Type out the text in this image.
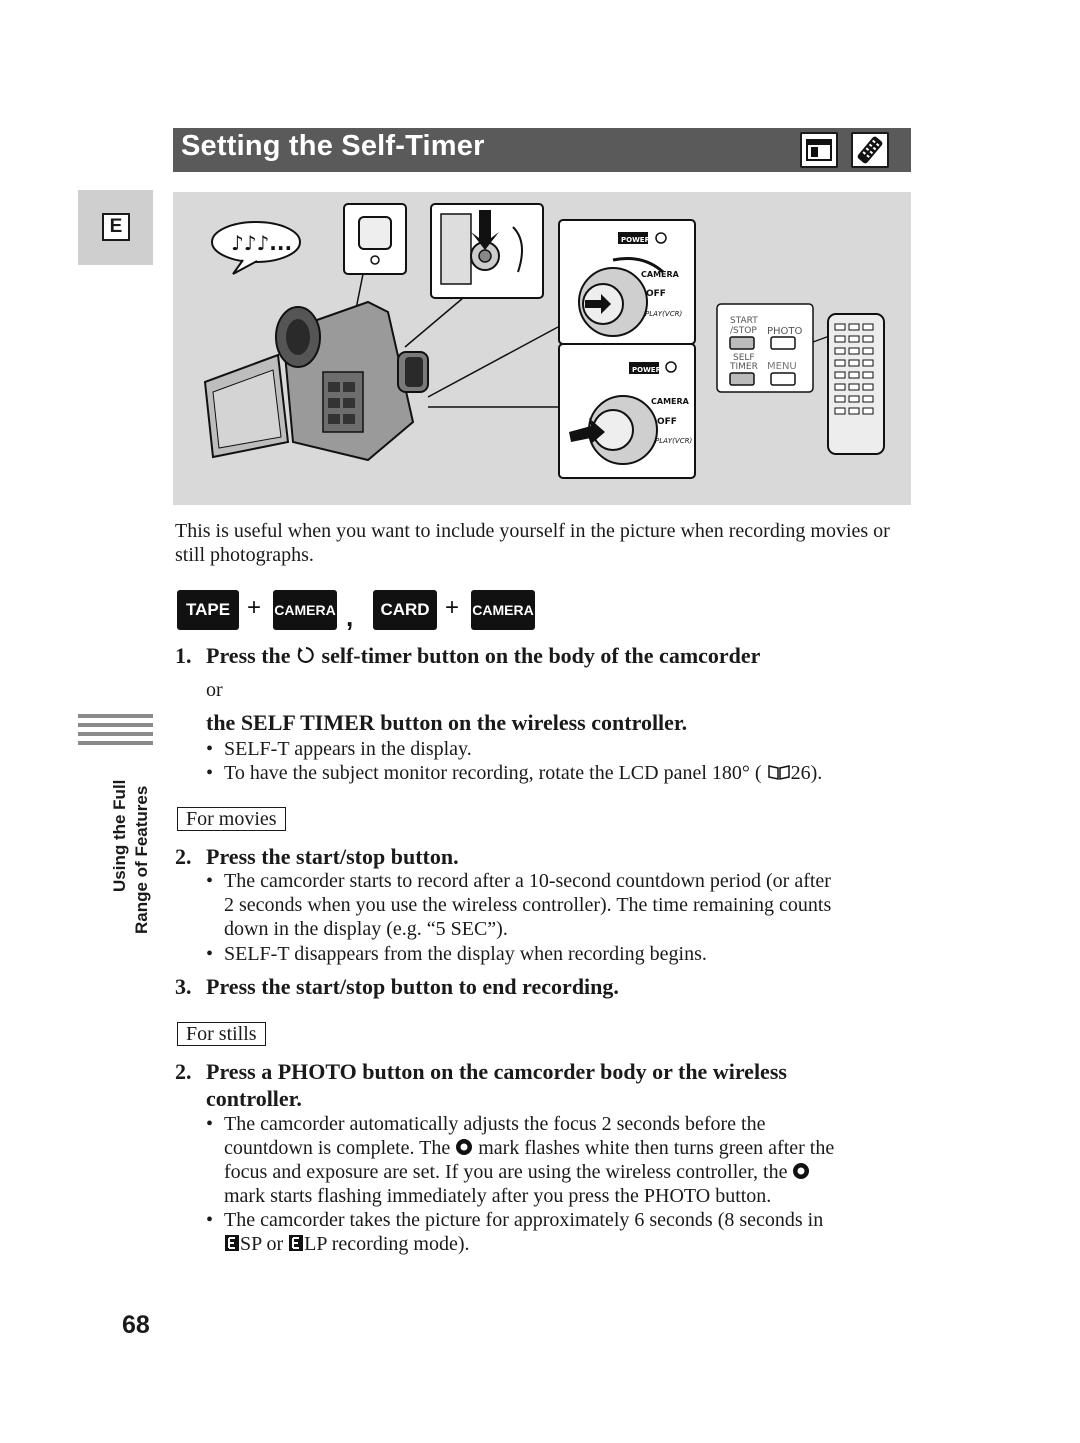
Setting the Self-Timer
E
Using the Full Range of Features
♪♪♪...	POWER
CAMERA
OFF
PLAY(VCR)
POWER
CAMERA
OFF
PLAY(VCR)
START
/STOP PHOTO
SELF
TIMER MENU
This is useful when you want to include yourself in the picture when recording movies or still photographs.
TAPE + CAMERA ,	CARD + CAMERA
1. Press the self-timer button on the body of the camcorder
or
the SELF TIMER button on the wireless controller.
• SELF-T appears in the display.
• To have the subject monitor recording, rotate the LCD panel 180° ( 26).
For movies
2. Press the start/stop button.
• The camcorder starts to record after a 10-second countdown period (or after
2 seconds when you use the wireless controller). The time remaining counts
down in the display (e.g. “5 SEC”).
• SELF-T disappears from the display when recording begins.
3. Press the start/stop button to end recording.
For stills
2. Press a PHOTO button on the camcorder body or the wireless
controller.
• The camcorder automatically adjusts the focus 2 seconds before the
countdown is complete. The mark flashes white then turns green after the
focus and exposure are set. If you are using the wireless controller, the
mark starts flashing immediately after you press the PHOTO button.
• The camcorder takes the picture for approximately 6 seconds (8 seconds in
SP or LP recording mode).
68
